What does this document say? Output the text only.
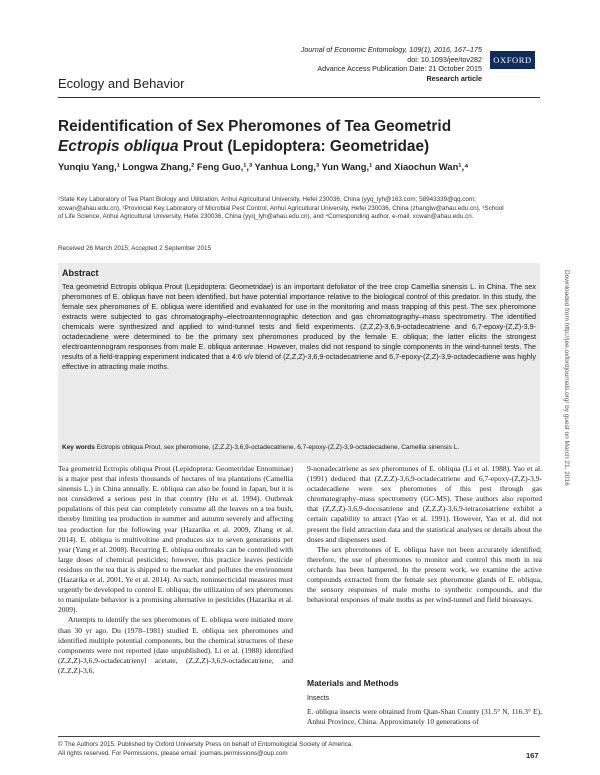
Journal of Economic Entomology, 109(1), 2016, 167–175
doi: 10.1093/jee/tov282
Advance Access Publication Date: 21 October 2015
Research article
OXFORD
Ecology and Behavior
Reidentification of Sex Pheromones of Tea Geometrid
Ectropis obliqua Prout (Lepidoptera: Geometridae)
Yunqiu Yang,¹ Longwa Zhang,² Feng Guo,¹,³ Yanhua Long,³ Yun Wang,¹ and Xiaochun Wan¹,⁴
¹State Key Laboratory of Tea Plant Biology and Utilization, Anhui Agricultural University, Hefei 230036, China (yyq_lyh@163.com; 58943339@qq.com; xcwan@ahau.edu.cn), ²Provincial Key Laboratory of Microbial Pest Control, Anhui Agricultural University, Hefei 230036, China (zhanglw@ahau.edu.cn), ³School of Life Science, Anhui Agricultural University, Hefei 230036, China (yyq_lyh@ahau.edu.cn), and ⁴Corresponding author, e-mail: xcwan@ahau.edu.cn.
Received 26 March 2015; Accepted 2 September 2015
Abstract
Tea geometrid Ectropis obliqua Prout (Lepidoptera: Geometridae) is an important defoliator of the tree crop Camellia sinensis L. in China. The sex pheromones of E. obliqua have not been identified, but have potential importance relative to the biological control of this predator. In this study, the female sex pheromones of E. obliqua were identified and evaluated for use in the monitoring and mass trapping of this pest. The sex pheromone extracts were subjected to gas chromatography–electroantennographic detection and gas chromatography–mass spectrometry. The identified chemicals were synthesized and applied to wind-tunnel tests and field experiments. (Z,Z,Z)-3,6,9-octadecatriene and 6,7-epoxy-(Z,Z)-3,9-octadecadiene were determined to be the primary sex pheromones produced by the female E. obliqua; the latter elicits the strongest electroantennogram responses from male E. obliqua antennae. However, males did not respond to single components in the wind-tunnel tests. The results of a field-trapping experiment indicated that a 4:6 v/v blend of (Z,Z,Z)-3,6,9-octadecatriene and 6,7-epoxy-(Z,Z)-3,9-octadecadiene was highly effective in attracting male moths.
Key words Ectropis obliqua Prout, sex pheromone, (Z,Z,Z)-3,6,9-octadecatriene, 6,7-epoxy-(Z,Z)-3,9-octadecadiene, Camellia sinensis L.	Downloaded from http://jee.oxfordjournals.org/ by guest on March 21, 2016

Tea geometrid Ectropis obliqua Prout (Lepidoptera: Geometridae Ennominae) is a major pest that infests thousands of hectares of tea plantations (Camellia sinensis L.) in China annually. E. obliqua can also be found in Japan, but it is not considered a serious pest in that country (Hu et al. 1994). Outbreak populations of this pest can completely consume all the leaves on a tea bush, thereby limiting tea production in summer and autumn severely and affecting tea production for the following year (Hazarika et al. 2009, Zhang et al. 2014). E. obliqua is multivoltine and produces six to seven generations per year (Yang et al. 2008). Recurring E. obliqua outbreaks can be controlled with large doses of chemical pesticides; however, this practice leaves pesticide residues on the tea that is shipped to the market and pollutes the environment (Hazarika et al. 2001, Ye et al. 2014). As such, noninsecticidal measures must urgently be developed to control E. obliqua; the utilization of sex pheromones to manipulate behavior is a promising alternative to pesticides (Hazarika et al. 2009).

Attempts to identify the sex pheromones of E. obliqua were initiated more than 30 yr ago. Du (1978–1981) studied E. obliqua sex pheromones and identified multiple potential components, but the chemical structures of these components were not reported (date unpublished). Li et al. (1988) identified (Z,Z,Z)-3,6,9-octadecatrienyl acetate, (Z,Z,Z)-3,6,9-octadecatriene, and (Z,Z,Z)-3,6,

9-nonadecatriene as sex pheromones of E. obliqua (Li et al. 1988). Yao et al. (1991) deduced that (Z,Z,Z)-3,6,9-octadecatriene and 6,7-epoxy-(Z,Z)-3,9-octadecadiene were sex pheromones of this pest through gas chromatography–mass spectrometry (GC-MS). These authors also reported that (Z,Z,Z)-3,6,9-docosatriene and (Z,Z,Z)-3,6,9-tetracosatriene exhibit a certain capability to attract (Yao et al. 1991). However, Yao et al. did not present the field attraction data and the statistical analyses or details about the doses and dispensers used.

The sex pheromones of E. obliqua have not been accurately identified; therefore, the use of pheromones to monitor and control this moth in tea orchards has been hampered. In the present work, we examine the active compounds extracted from the female sex pheromone glands of E. obliqua, the sensory responses of male moths to synthetic compounds, and the behavioral responses of male moths as per wind-tunnel and field bioassays.

Materials and Methods
Insects

E. obliqua insects were obtained from Qian-Shan County (31.5° N, 116.3° E), Anhui Province, China. Approximately 10 generations of

© The Authors 2015. Published by Oxford University Press on behalf of Entomological Society of America.
All rights reserved. For Permissions, please email: journals.permissions@oup.com	167
